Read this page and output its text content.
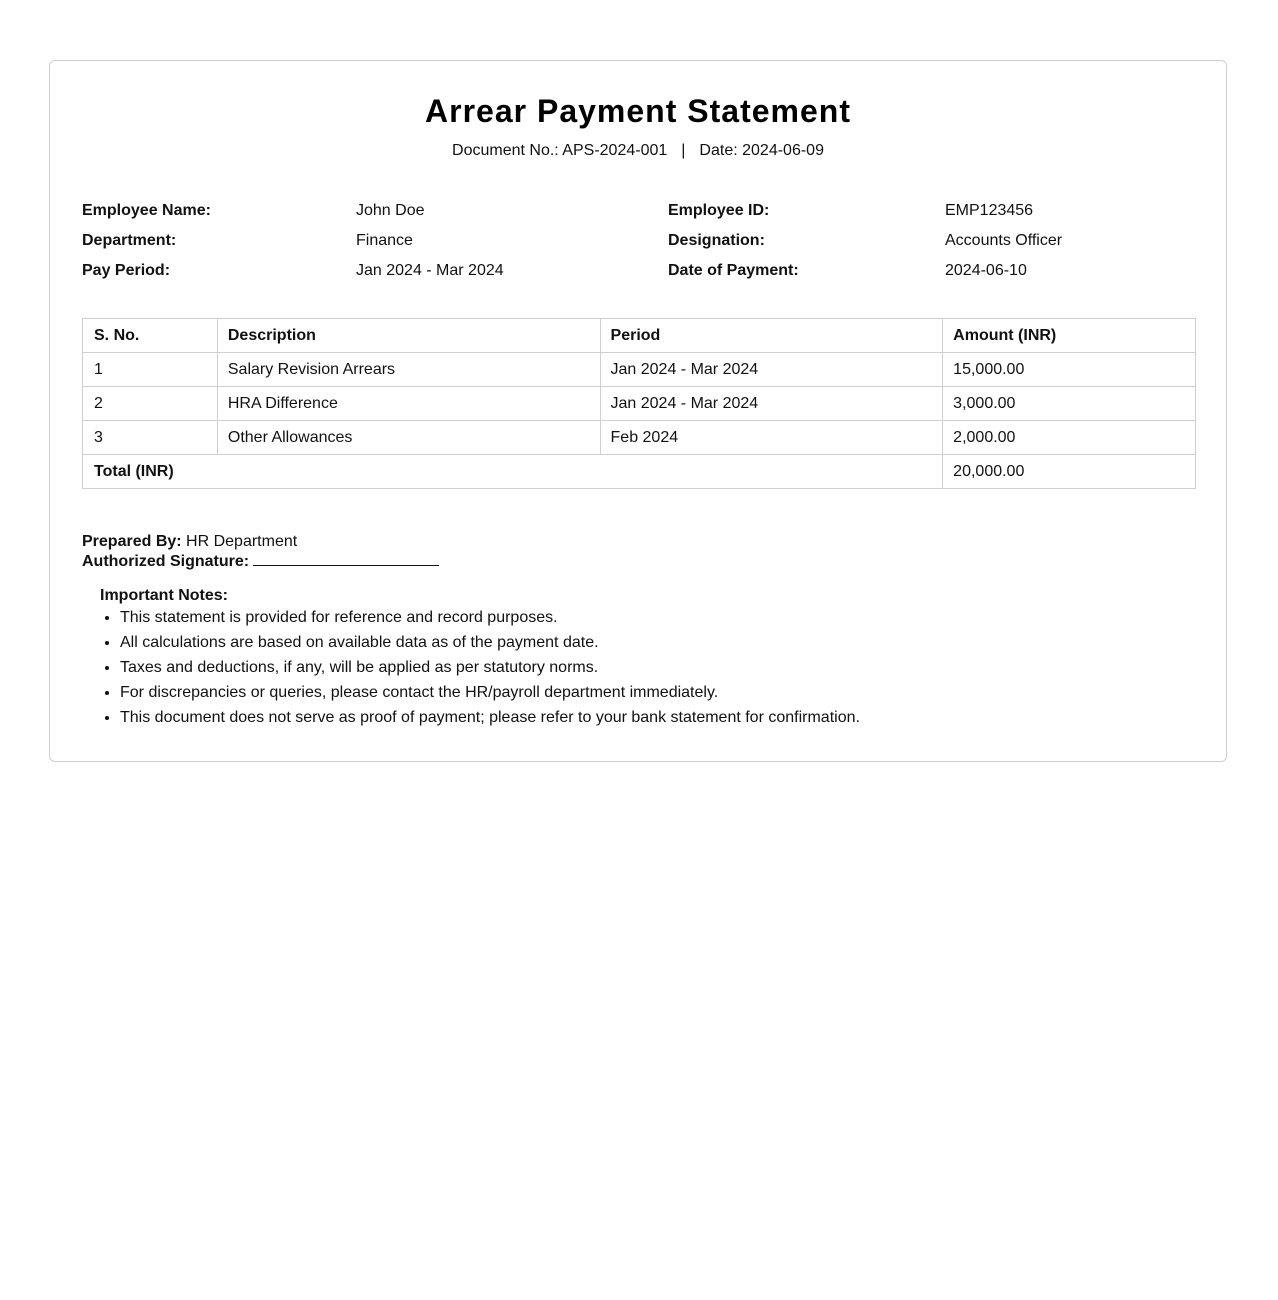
Arrear Payment Statement
Document No.: APS-2024-001 | Date: 2024-06-09
Employee Name:	John Doe	Employee ID:	EMP123456
Department:	Finance	Designation:	Accounts Officer
Pay Period:	Jan 2024 - Mar 2024	Date of Payment:	2024-06-10
S. No.	Description	Period	Amount (INR)
1	Salary Revision Arrears	Jan 2024 - Mar 2024	15,000.00
2	HRA Difference	Jan 2024 - Mar 2024	3,000.00
3	Other Allowances	Feb 2024	2,000.00
Total (INR)			20,000.00
Prepared By: HR Department
Authorized Signature:
Important Notes:
• This statement is provided for reference and record purposes.
• All calculations are based on available data as of the payment date.
• Taxes and deductions, if any, will be applied as per statutory norms.
• For discrepancies or queries, please contact the HR/payroll department immediately.
• This document does not serve as proof of payment; please refer to your bank statement for confirmation.
